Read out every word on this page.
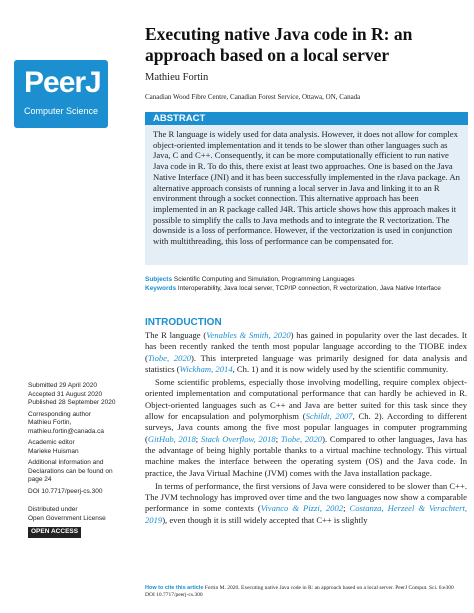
PeerJ
Computer Science
Executing native Java code in R: an approach based on a local server
Mathieu Fortin
Canadian Wood Fibre Centre, Canadian Forest Service, Ottawa, ON, Canada
ABSTRACT
The R language is widely used for data analysis. However, it does not allow for complex object-oriented implementation and it tends to be slower than other languages such as Java, C and C++. Consequently, it can be more computationally efficient to run native Java code in R. To do this, there exist at least two approaches. One is based on the Java Native Interface (JNI) and it has been successfully implemented in the rJava package. An alternative approach consists of running a local server in Java and linking it to an R environment through a socket connection. This alternative approach has been implemented in an R package called J4R. This article shows how this approach makes it possible to simplify the calls to Java methods and to integrate the R vectorization. The downside is a loss of performance. However, if the vectorization is used in conjunction with multithreading, this loss of performance can be compensated for.
Subjects Scientific Computing and Simulation, Programming Languages
Keywords Interoperability, Java local server, TCP/IP connection, R vectorization, Java Native Interface
INTRODUCTION

The R language (Venables & Smith, 2020) has gained in popularity over the last decades. It has been recently ranked the tenth most popular language according to the TIOBE index (Tiobe, 2020). This interpreted language was primarily designed for data analysis and statistics (Wickham, 2014, Ch. 1) and it is now widely used by the scientific community.

Some scientific problems, especially those involving modelling, require complex object-oriented implementation and computational performance that can hardly be achieved in R. Object-oriented languages such as C++ and Java are better suited for this task since they allow for encapsulation and polymorphism (Schildt, 2007, Ch. 2). According to different surveys, Java counts among the five most popular languages in computer programming (GitHub, 2018; Stack Overflow, 2018; Tiobe, 2020). Compared to other languages, Java has the advantage of being highly portable thanks to a virtual machine technology. This virtual machine makes the interface between the operating system (OS) and the Java code. In practice, the Java Virtual Machine (JVM) comes with the Java installation package.

In terms of performance, the first versions of Java were considered to be slower than C++. The JVM technology has improved over time and the two languages now show a comparable performance in some contexts (Vivanco & Pizzi, 2002; Costanza, Herzeel & Verachtert, 2019), even though it is still widely accepted that C++ is slightly

Submitted 29 April 2020
Accepted 31 August 2020
Published 28 September 2020
Corresponding author
Mathieu Fortin,
mathieu.fortin@canada.ca
Academic editor
Marieke Huisman
Additional Information and Declarations can be found on page 24
DOI 10.7717/peerj-cs.300
Distributed under
Open Government License
OPEN ACCESS
How to cite this article Fortin M. 2020. Executing native Java code in R: an approach based on a local server. PeerJ Comput. Sci. 6:e300
DOI 10.7717/peerj-cs.300
